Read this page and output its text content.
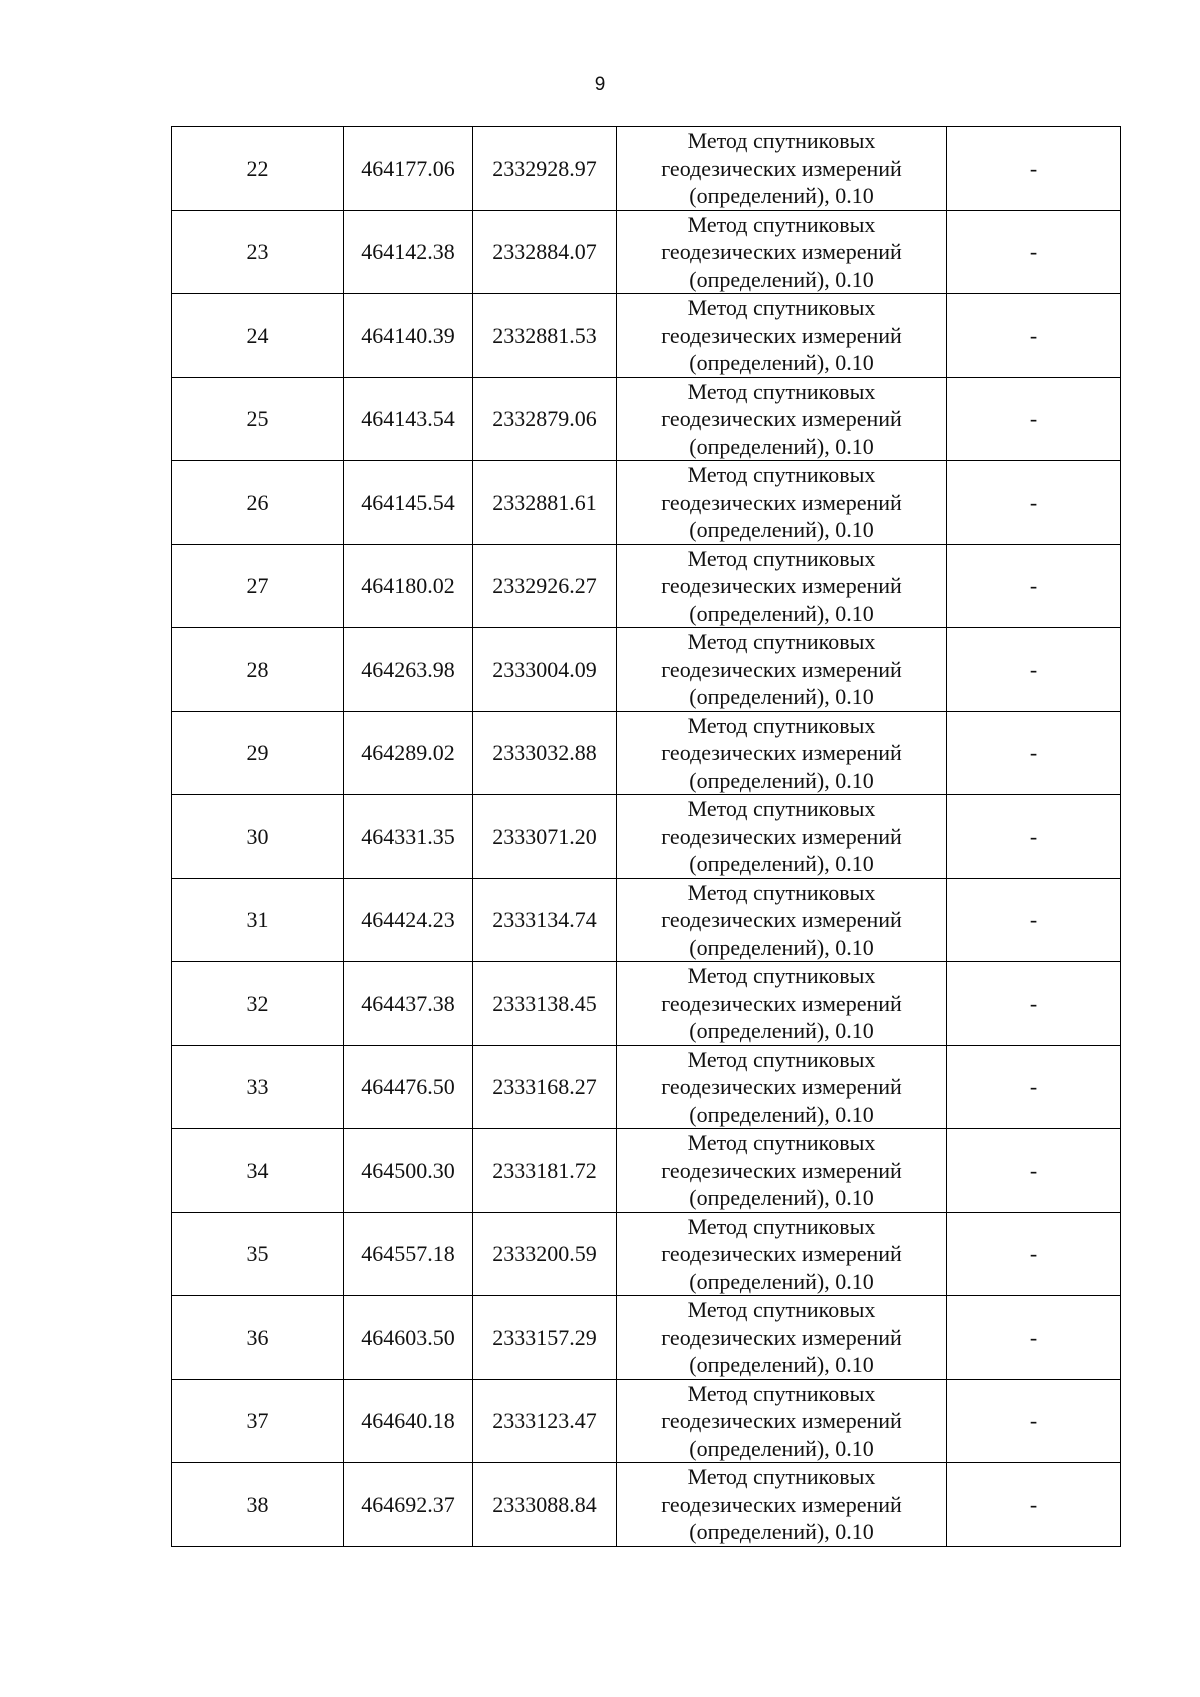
9
22	464177.06	2332928.97	Метод спутниковых
геодезических измерений
(определений), 0.10	-
23	464142.38	2332884.07	Метод спутниковых
геодезических измерений
(определений), 0.10	-
24	464140.39	2332881.53	Метод спутниковых
геодезических измерений
(определений), 0.10	-
25	464143.54	2332879.06	Метод спутниковых
геодезических измерений
(определений), 0.10	-
26	464145.54	2332881.61	Метод спутниковых
геодезических измерений
(определений), 0.10	-
27	464180.02	2332926.27	Метод спутниковых
геодезических измерений
(определений), 0.10	-
28	464263.98	2333004.09	Метод спутниковых
геодезических измерений
(определений), 0.10	-
29	464289.02	2333032.88	Метод спутниковых
геодезических измерений
(определений), 0.10	-
30	464331.35	2333071.20	Метод спутниковых
геодезических измерений
(определений), 0.10	-
31	464424.23	2333134.74	Метод спутниковых
геодезических измерений
(определений), 0.10	-
32	464437.38	2333138.45	Метод спутниковых
геодезических измерений
(определений), 0.10	-
33	464476.50	2333168.27	Метод спутниковых
геодезических измерений
(определений), 0.10	-
34	464500.30	2333181.72	Метод спутниковых
геодезических измерений
(определений), 0.10	-
35	464557.18	2333200.59	Метод спутниковых
геодезических измерений
(определений), 0.10	-
36	464603.50	2333157.29	Метод спутниковых
геодезических измерений
(определений), 0.10	-
37	464640.18	2333123.47	Метод спутниковых
геодезических измерений
(определений), 0.10	-
38	464692.37	2333088.84	Метод спутниковых
геодезических измерений
(определений), 0.10	-
